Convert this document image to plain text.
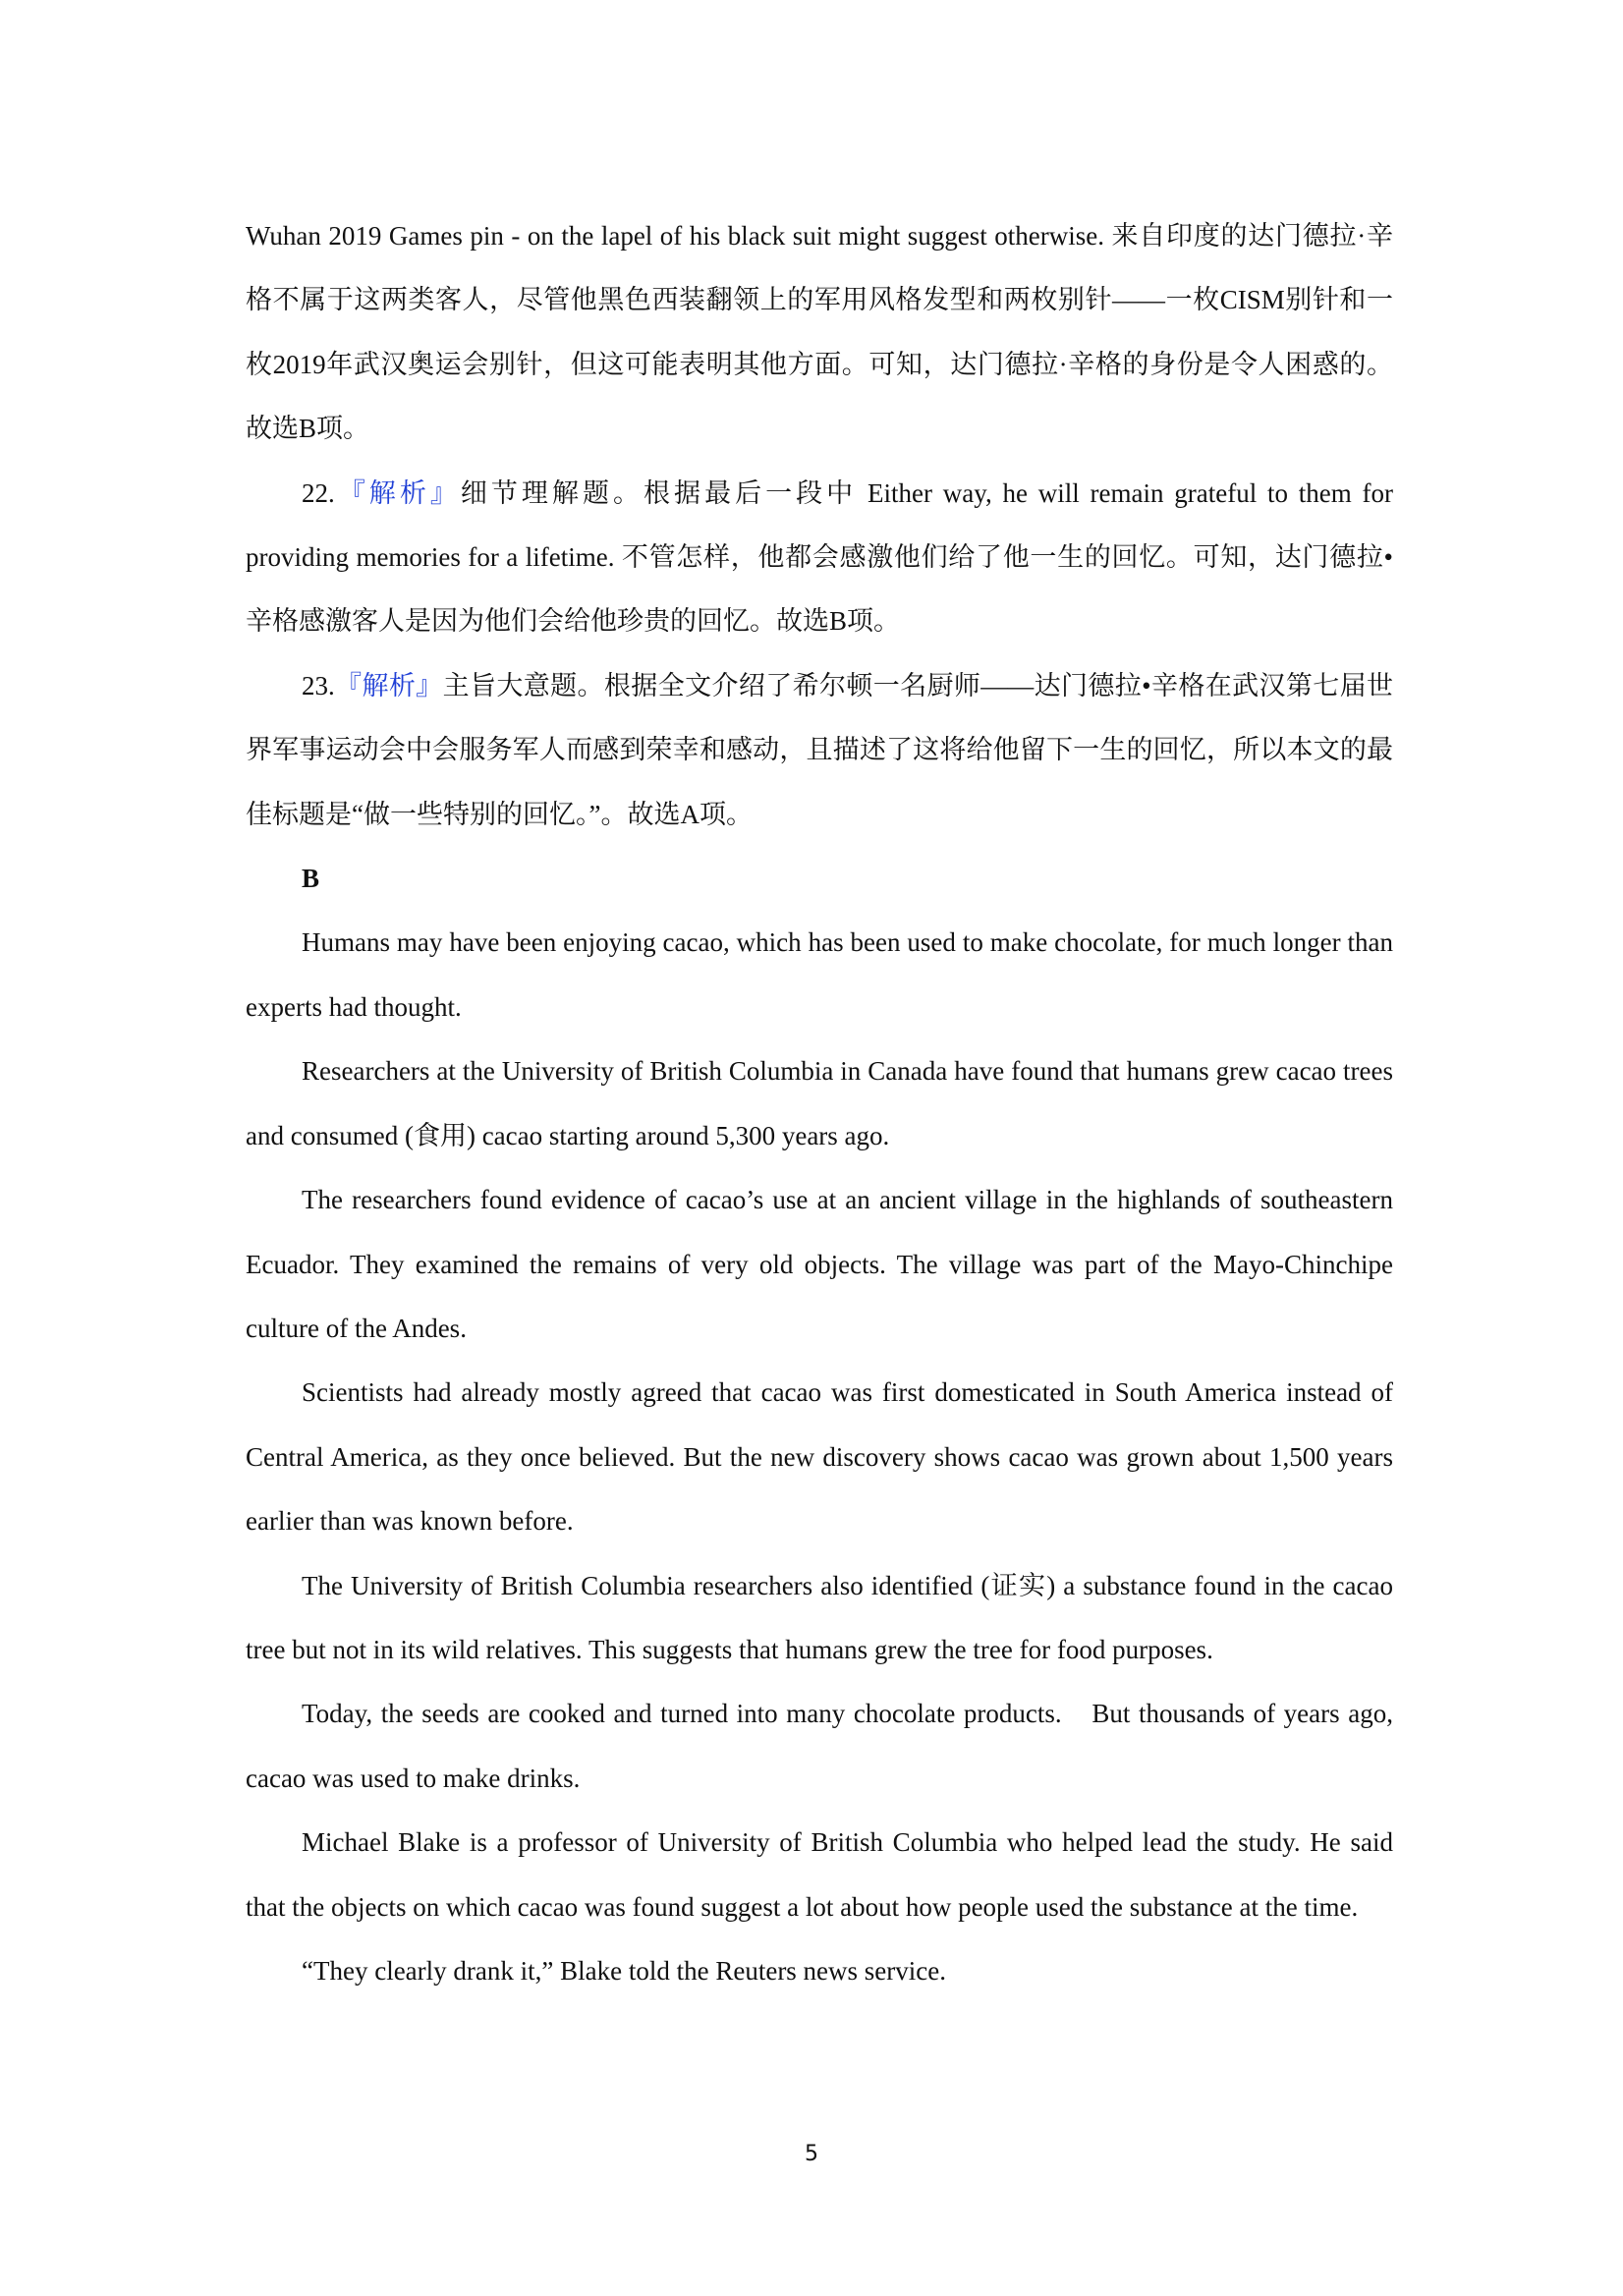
Wuhan 2019 Games pin - on the lapel of his black suit might suggest otherwise. 来自印度的达门德拉·辛格不属于这两类客人，尽管他黑色西装翻领上的军用风格发型和两枚别针——一枚CISM别针和一枚2019年武汉奥运会别针，但这可能表明其他方面。可知，达门德拉·辛格的身份是令人困惑的。故选B项。

22.『解析』细节理解题。根据最后一段中 Either way, he will remain grateful to them for providing memories for a lifetime. 不管怎样，他都会感激他们给了他一生的回忆。可知，达门德拉•辛格感激客人是因为他们会给他珍贵的回忆。故选B项。

23.『解析』主旨大意题。根据全文介绍了希尔顿一名厨师——达门德拉•辛格在武汉第七届世界军事运动会中会服务军人而感到荣幸和感动，且描述了这将给他留下一生的回忆，所以本文的最佳标题是“做一些特别的回忆。”。故选A项。

B

Humans may have been enjoying cacao, which has been used to make chocolate, for much longer than experts had thought.

Researchers at the University of British Columbia in Canada have found that humans grew cacao trees and consumed (食用) cacao starting around 5,300 years ago.

The researchers found evidence of cacao’s use at an ancient village in the highlands of southeastern Ecuador. They examined the remains of very old objects. The village was part of the Mayo-Chinchipe culture of the Andes.

Scientists had already mostly agreed that cacao was first domesticated in South America instead of Central America, as they once believed. But the new discovery shows cacao was grown about 1,500 years earlier than was known before.

The University of British Columbia researchers also identified (证实) a substance found in the cacao tree but not in its wild relatives. This suggests that humans grew the tree for food purposes.

Today, the seeds are cooked and turned into many chocolate products.　But thousands of years ago, cacao was used to make drinks.

Michael Blake is a professor of University of British Columbia who helped lead the study. He said that the objects on which cacao was found suggest a lot about how people used the substance at the time.

“They clearly drank it,” Blake told the Reuters news service.

5
